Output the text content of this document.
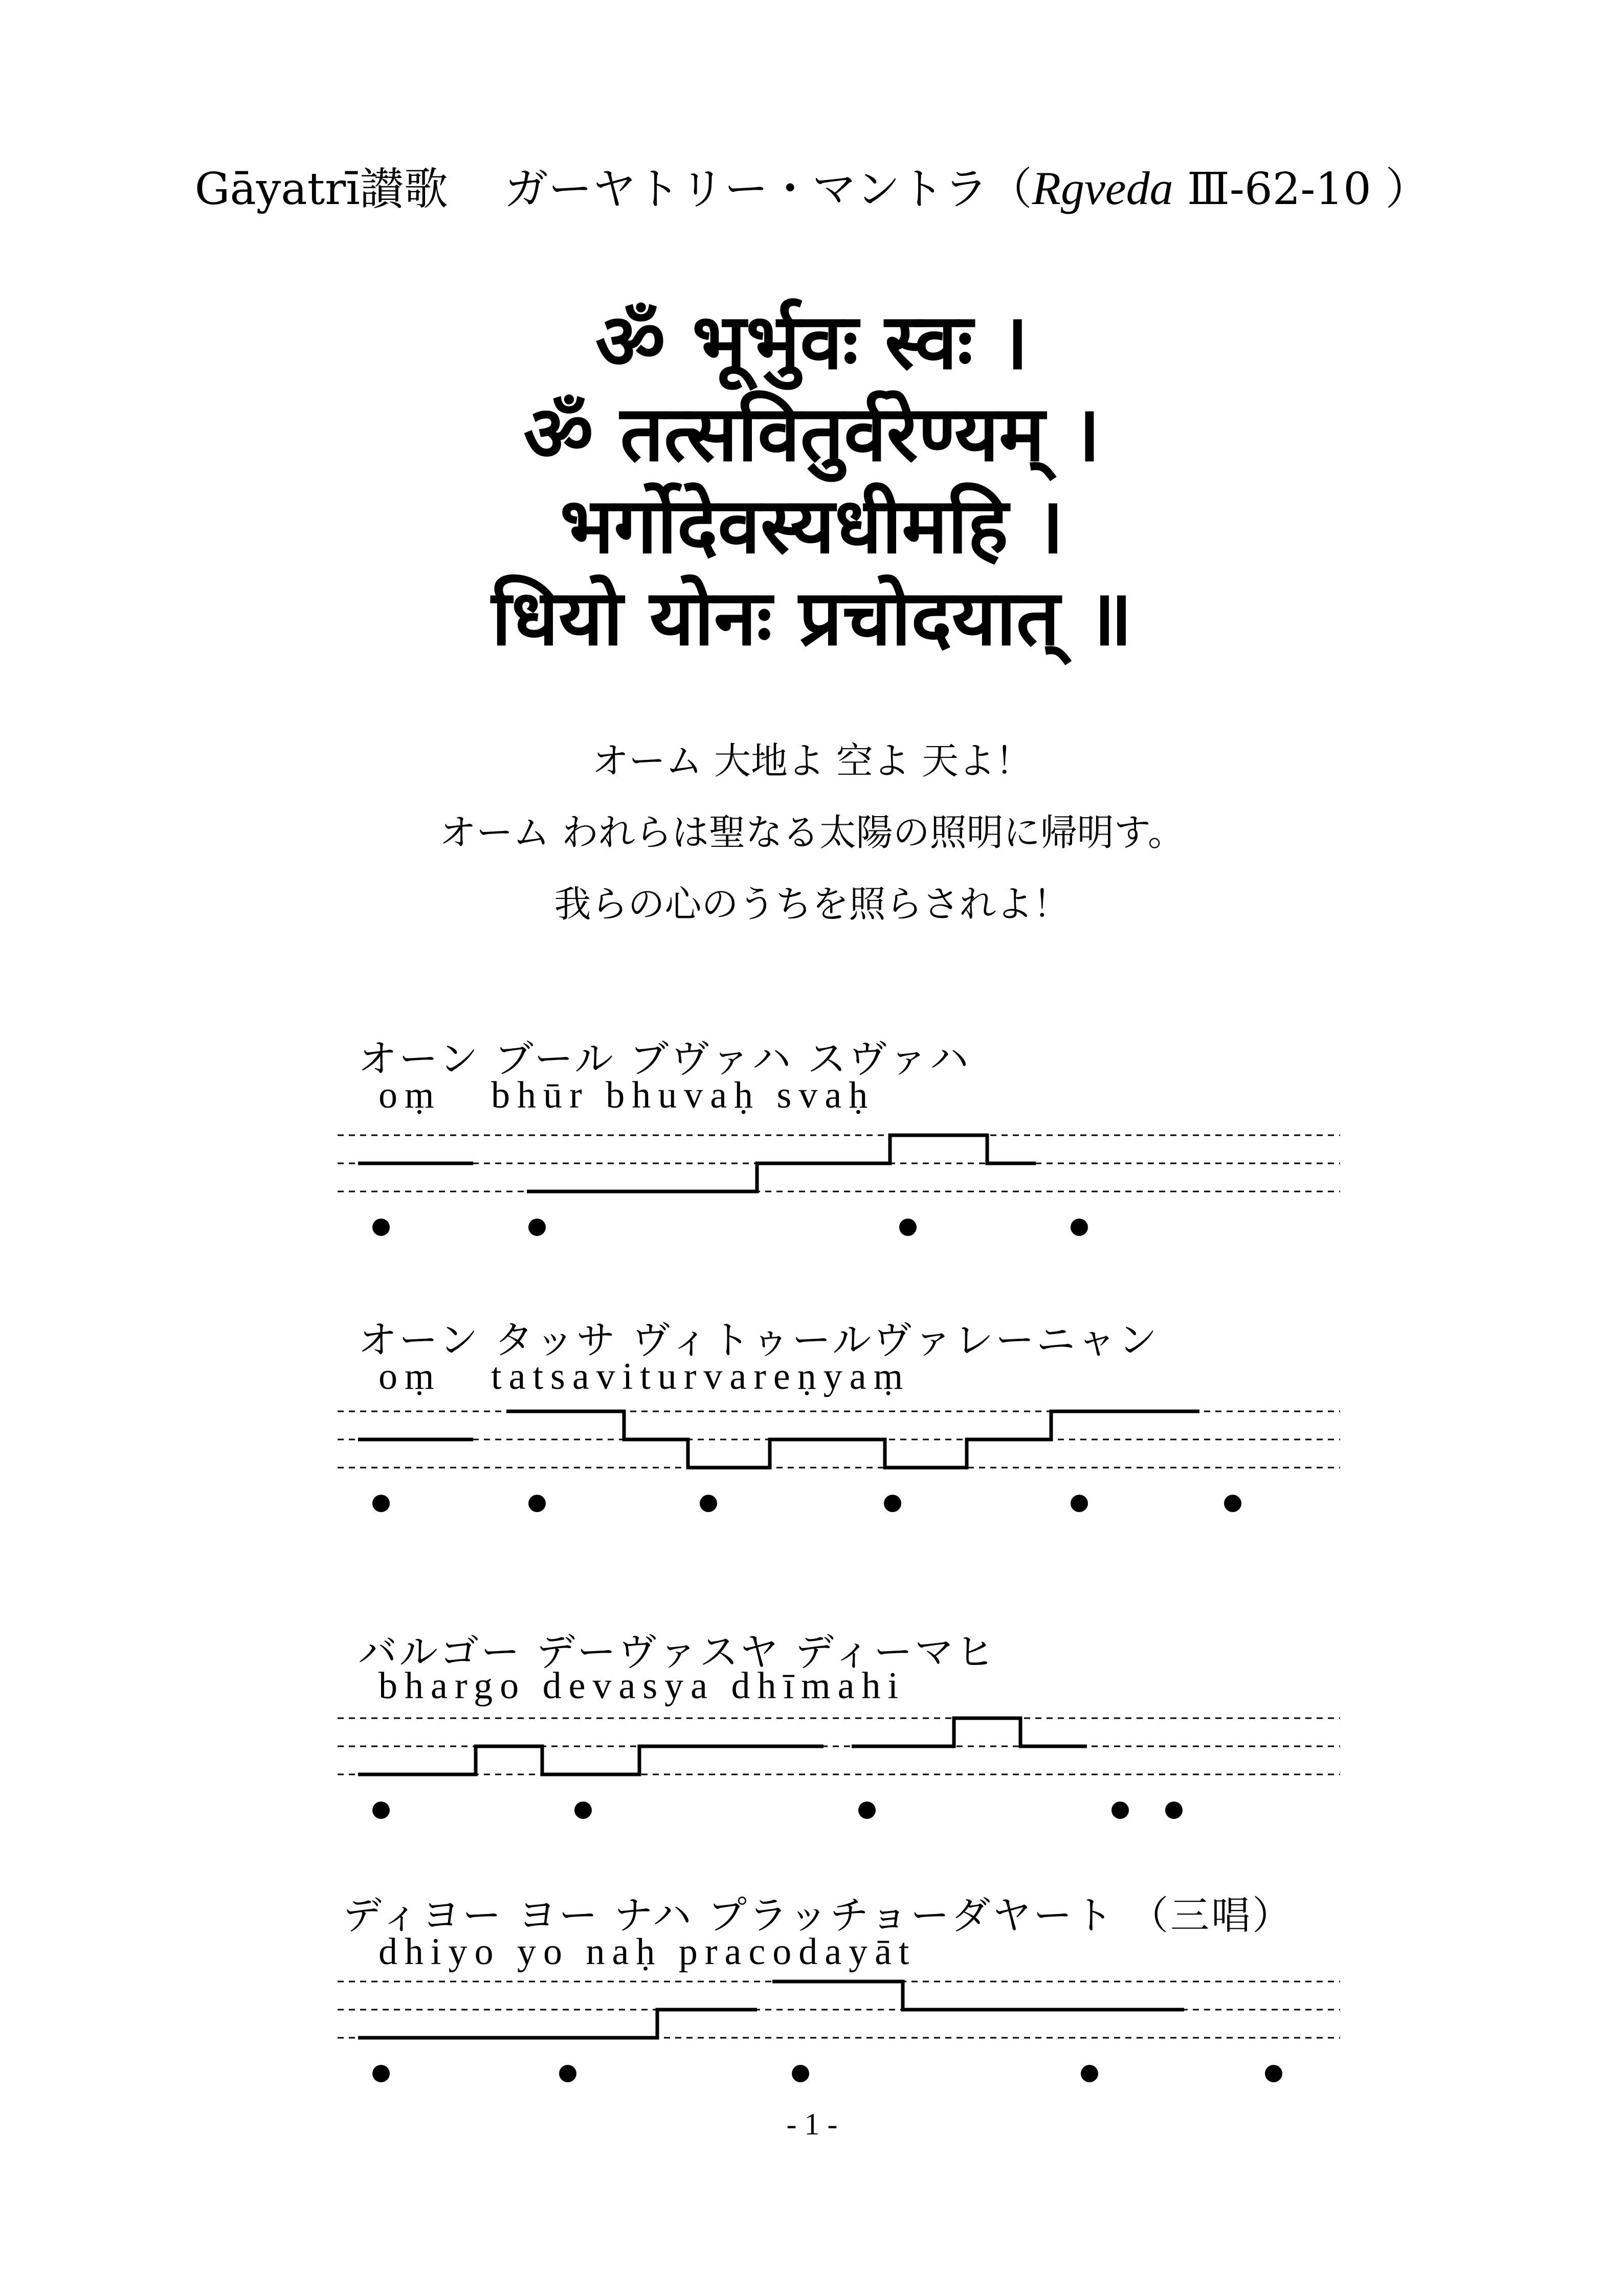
Gāyatrī讃歌 ガーヤトリー・マントラ（Rgveda Ⅲ-62-10 ）
ॐ भूर्भुवः स्वः ।
ॐ तत्सवितुर्वरेण्यम् ।
भर्गोदेवस्यधीमहि ।
धियो योनः प्रचोदयात् ॥
オーム 大地よ 空よ 天よ！
オーム われらは聖なる太陽の照明に帰明す。
我らの心のうちを照らされよ！
オーン ブール ブヴァハ スヴァハ
oṃ   bhūr bhuvaḥ svaḥ
オーン タッサ ヴィトゥールヴァレーニャン
oṃ   tatsaviturvareṇyaṃ
バルゴー デーヴァスヤ ディーマヒ
bhargo devasya dhīmahi
ディヨー ヨー ナハ プラッチョーダヤート （三唱）
dhiyo yo naḥ pracodayāt
- 1 -
